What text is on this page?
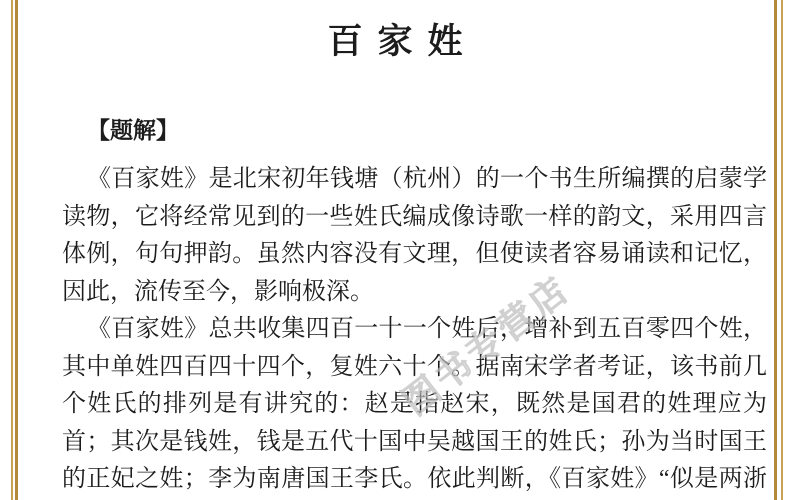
百家姓
【题解】
《百家姓》是北宋初年钱塘（杭州）的一个书生所编撰的启蒙学
读物，它将经常见到的一些姓氏编成像诗歌一样的韵文，采用四言
体例，句句押韵。虽然内容没有文理，但使读者容易诵读和记忆，
因此，流传至今，影响极深。
《百家姓》总共收集四百一十一个姓后，增补到五百零四个姓，
其中单姓四百四十四个，复姓六十个。据南宋学者考证，该书前几
个姓氏的排列是有讲究的：赵是指赵宋，既然是国君的姓理应为
首；其次是钱姓，钱是五代十国中吴越国王的姓氏；孙为当时国王
的正妃之姓；李为南唐国王李氏。依此判断，《百家姓》“似是两浙
图书专营店
